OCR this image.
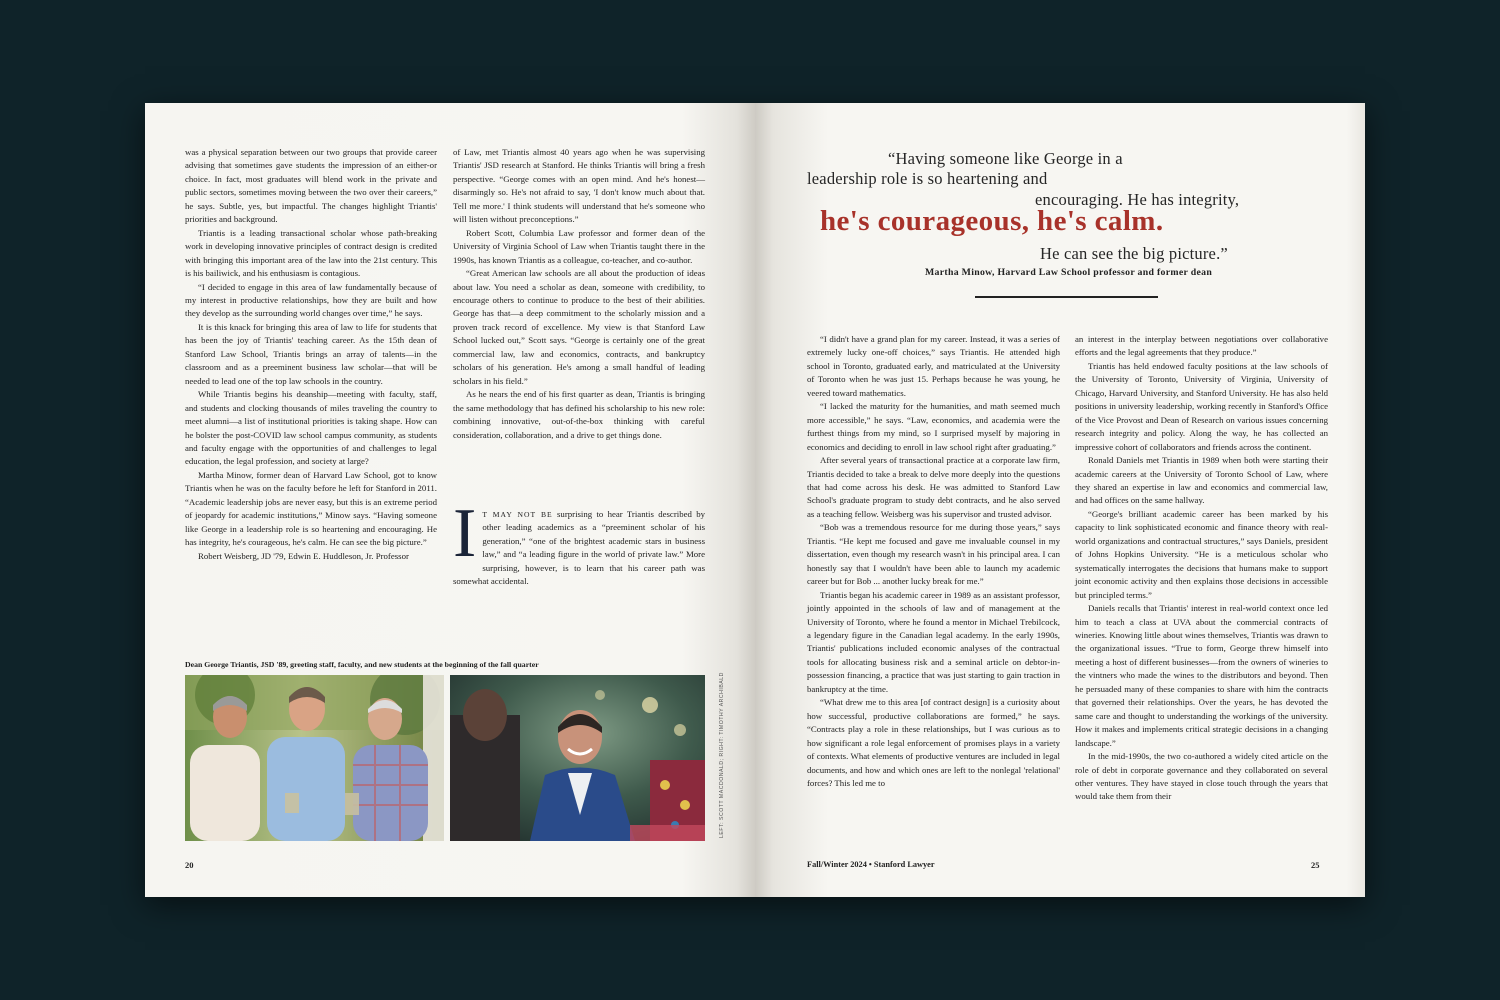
was a physical separation between our two groups that provide career advising that sometimes gave students the impression of an either-or choice. In fact, most graduates will blend work in the private and public sectors, sometimes moving between the two over their careers,” he says. Subtle, yes, but impactful. The changes highlight Triantis' priorities and background.

Triantis is a leading transactional scholar whose path-breaking work in developing innovative principles of contract design is credited with bringing this important area of the law into the 21st century. This is his bailiwick, and his enthusiasm is contagious.

“I decided to engage in this area of law fundamentally because of my interest in productive relationships, how they are built and how they develop as the surrounding world changes over time,” he says.

It is this knack for bringing this area of law to life for students that has been the joy of Triantis' teaching career. As the 15th dean of Stanford Law School, Triantis brings an array of talents—in the classroom and as a preeminent business law scholar—that will be needed to lead one of the top law schools in the country.

While Triantis begins his deanship—meeting with faculty, staff, and students and clocking thousands of miles traveling the country to meet alumni—a list of institutional priorities is taking shape. How can he bolster the post-COVID law school campus community, as students and faculty engage with the opportunities of and challenges to legal education, the legal profession, and society at large?

Martha Minow, former dean of Harvard Law School, got to know Triantis when he was on the faculty before he left for Stanford in 2011. “Academic leadership jobs are never easy, but this is an extreme period of jeopardy for academic institutions,” Minow says. “Having someone like George in a leadership role is so heartening and encouraging. He has integrity, he's courageous, he's calm. He can see the big picture.”

Robert Weisberg, JD '79, Edwin E. Huddleson, Jr. Professor

of Law, met Triantis almost 40 years ago when he was supervising Triantis' JSD research at Stanford. He thinks Triantis will bring a fresh perspective. “George comes with an open mind. And he's honest—disarmingly so. He's not afraid to say, 'I don't know much about that. Tell me more.' I think students will understand that he's someone who will listen without preconceptions.”

Robert Scott, Columbia Law professor and former dean of the University of Virginia School of Law when Triantis taught there in the 1990s, has known Triantis as a colleague, co-teacher, and co-author.

“Great American law schools are all about the production of ideas about law. You need a scholar as dean, someone with credibility, to encourage others to continue to produce to the best of their abilities. George has that—a deep commitment to the scholarly mission and a proven track record of excellence. My view is that Stanford Law School lucked out,” Scott says. “George is certainly one of the great commercial law, law and economics, contracts, and bankruptcy scholars of his generation. He's among a small handful of leading scholars in his field.”

As he nears the end of his first quarter as dean, Triantis is bringing the same methodology that has defined his scholarship to his new role: combining innovative, out-of-the-box thinking with careful consideration, collaboration, and a drive to get things done.

I T MAY NOT BE surprising to hear Triantis described by other leading academics as a “preeminent scholar of his generation,” “one of the brightest academic stars in business law,” and “a leading figure in the world of private law.” More surprising, however, is to learn that his career path was somewhat accidental.

Dean George Triantis, JSD '89, greeting staff, faculty, and new students at the beginning of the fall quarter
LEFT: SCOTT MACDONALD; RIGHT: TIMOTHY ARCHIBALD
20
“Having someone like George in a
leadership role is so heartening and
encouraging. He has integrity,
he's courageous, he's calm.
He can see the big picture.”
Martha Minow, Harvard Law School professor and former dean

“I didn't have a grand plan for my career. Instead, it was a series of extremely lucky one-off choices,” says Triantis. He attended high school in Toronto, graduated early, and matriculated at the University of Toronto when he was just 15. Perhaps because he was young, he veered toward mathematics.

“I lacked the maturity for the humanities, and math seemed much more accessible,” he says. “Law, economics, and academia were the furthest things from my mind, so I surprised myself by majoring in economics and deciding to enroll in law school right after graduating.”

After several years of transactional practice at a corporate law firm, Triantis decided to take a break to delve more deeply into the questions that had come across his desk. He was admitted to Stanford Law School's graduate program to study debt contracts, and he also served as a teaching fellow. Weisberg was his supervisor and trusted advisor.

“Bob was a tremendous resource for me during those years,” says Triantis. “He kept me focused and gave me invaluable counsel in my dissertation, even though my research wasn't in his principal area. I can honestly say that I wouldn't have been able to launch my academic career but for Bob ... another lucky break for me.”

Triantis began his academic career in 1989 as an assistant professor, jointly appointed in the schools of law and of management at the University of Toronto, where he found a mentor in Michael Trebilcock, a legendary figure in the Canadian legal academy. In the early 1990s, Triantis' publications included economic analyses of the contractual tools for allocating business risk and a seminal article on debtor-in-possession financing, a practice that was just starting to gain traction in bankruptcy at the time.

“What drew me to this area [of contract design] is a curiosity about how successful, productive collaborations are formed,” he says. “Contracts play a role in these relationships, but I was curious as to how significant a role legal enforcement of promises plays in a variety of contexts. What elements of productive ventures are included in legal documents, and how and which ones are left to the nonlegal 'relational' forces? This led me to

an interest in the interplay between negotiations over collaborative efforts and the legal agreements that they produce.”

Triantis has held endowed faculty positions at the law schools of the University of Toronto, University of Virginia, University of Chicago, Harvard University, and Stanford University. He has also held positions in university leadership, working recently in Stanford's Office of the Vice Provost and Dean of Research on various issues concerning research integrity and policy. Along the way, he has collected an impressive cohort of collaborators and friends across the continent.

Ronald Daniels met Triantis in 1989 when both were starting their academic careers at the University of Toronto School of Law, where they shared an expertise in law and economics and commercial law, and had offices on the same hallway.

“George's brilliant academic career has been marked by his capacity to link sophisticated economic and finance theory with real-world organizations and contractual structures,” says Daniels, president of Johns Hopkins University. “He is a meticulous scholar who systematically interrogates the decisions that humans make to support joint economic activity and then explains those decisions in accessible but principled terms.”

Daniels recalls that Triantis' interest in real-world context once led him to teach a class at UVA about the commercial contracts of wineries. Knowing little about wines themselves, Triantis was drawn to the organizational issues. “True to form, George threw himself into meeting a host of different businesses—from the owners of wineries to the vintners who made the wines to the distributors and beyond. Then he persuaded many of these companies to share with him the contracts that governed their relationships. Over the years, he has devoted the same care and thought to understanding the workings of the university. How it makes and implements critical strategic decisions in a changing landscape.”

In the mid-1990s, the two co-authored a widely cited article on the role of debt in corporate governance and they collaborated on several other ventures. They have stayed in close touch through the years that would take them from their

Fall/Winter 2024 • Stanford Lawyer	25
